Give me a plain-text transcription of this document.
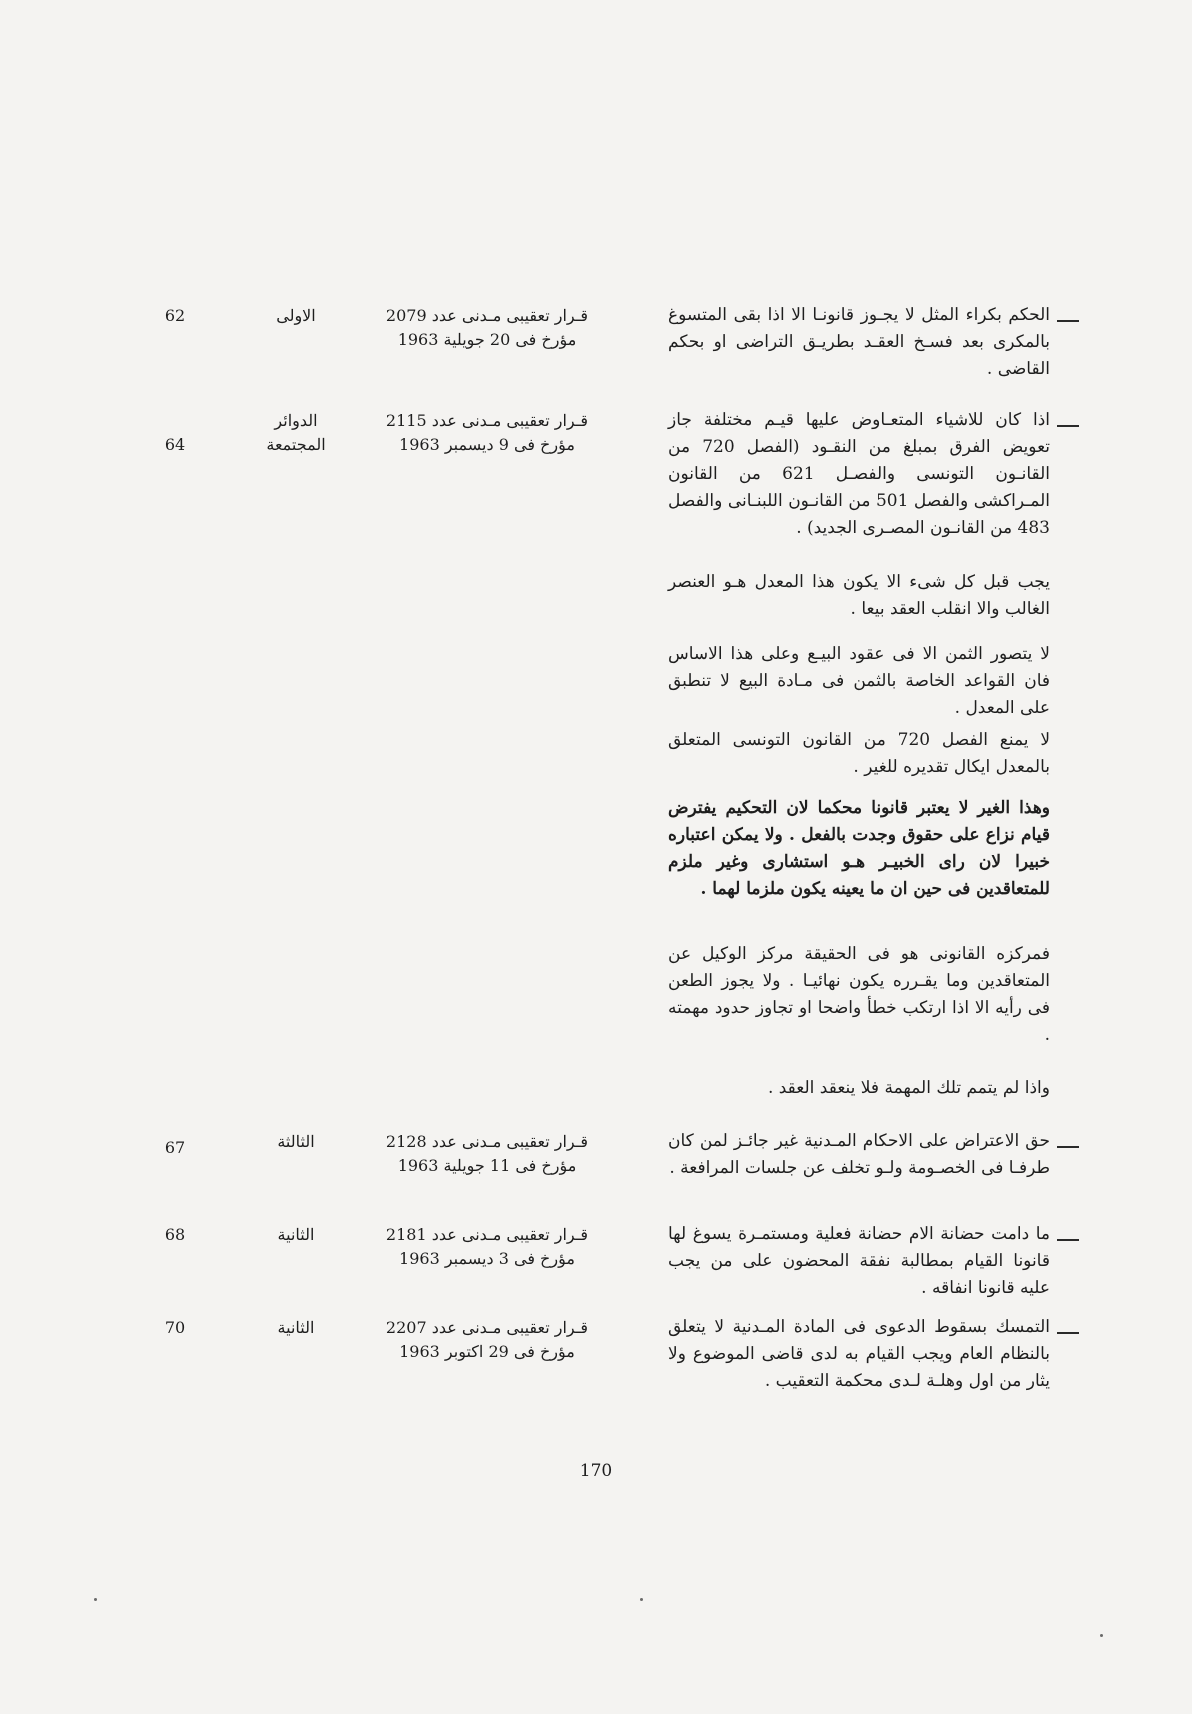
الحكم بكراء المثل لا يجـوز قانونـا الا اذا بقى المتسوغ بالمكرى بعد فسـخ العقـد بطريـق التراضى او بحكم القاضى .

قـرار تعقيبى مـدنى عدد 2079
مؤرخ فى 20 جويلية 1963
الاولى
62

اذا كان للاشياء المتعـاوض عليها قيـم مختلفة جاز تعويض الفرق بمبلغ من النقـود (الفصل 720 من القانـون التونسى والفصـل 621 من القانون المـراكشى والفصل 501 من القانـون اللبنـانى والفصل 483 من القانـون المصـرى الجديد) .

يجب قبل كل شىء الا يكون هذا المعدل هـو العنصر الغالب والا انقلب العقد بيعا .

لا يتصور الثمن الا فى عقود البيـع وعلى هذا الاساس فان القواعد الخاصة بالثمن فى مـادة البيع لا تنطبق على المعدل .

لا يمنع الفصل 720 من القانون التونسى المتعلق بالمعدل ايكال تقديره للغير .

وهذا الغير لا يعتبر قانونا محكما لان التحكيم يفترض قيام نزاع على حقوق وجدت بالفعل . ولا يمكن اعتباره خبيرا لان راى الخبيـر هـو استشارى وغير ملزم للمتعاقدين فى حين ان ما يعينه يكون ملزما لهما .

فمركزه القانونى هو فى الحقيقة مركز الوكيل عن المتعاقدين وما يقـرره يكون نهائيـا . ولا يجوز الطعن فى رأيه الا اذا ارتكب خطأ واضحا او تجاوز حدود مهمته .

واذا لم يتمم تلك المهمة فلا ينعقد العقد .

قـرار تعقيبى مـدنى عدد 2115
مؤرخ فى 9 ديسمبر 1963
الدوائر
المجتمعة
64

حق الاعتراض على الاحكام المـدنية غير جائـز لمن كان طرفـا فى الخصـومة ولـو تخلف عن جلسات المرافعة .

قـرار تعقيبى مـدنى عدد 2128
مؤرخ فى 11 جويلية 1963
الثالثة
67

ما دامت حضانة الام حضانة فعلية ومستمـرة يسوغ لها قانونا القيام بمطالبة نفقة المحضون على من يجب عليه قانونا انفاقه .

قـرار تعقيبى مـدنى عدد 2181
مؤرخ فى 3 ديسمبر 1963
الثانية
68

التمسك بسقوط الدعوى فى المادة المـدنية لا يتعلق بالنظام العام ويجب القيام به لدى قاضى الموضوع ولا يثار من اول وهلـة لـدى محكمة التعقيب .

قـرار تعقيبى مـدنى عدد 2207
مؤرخ فى 29 اكتوبر 1963
الثانية
70
170
